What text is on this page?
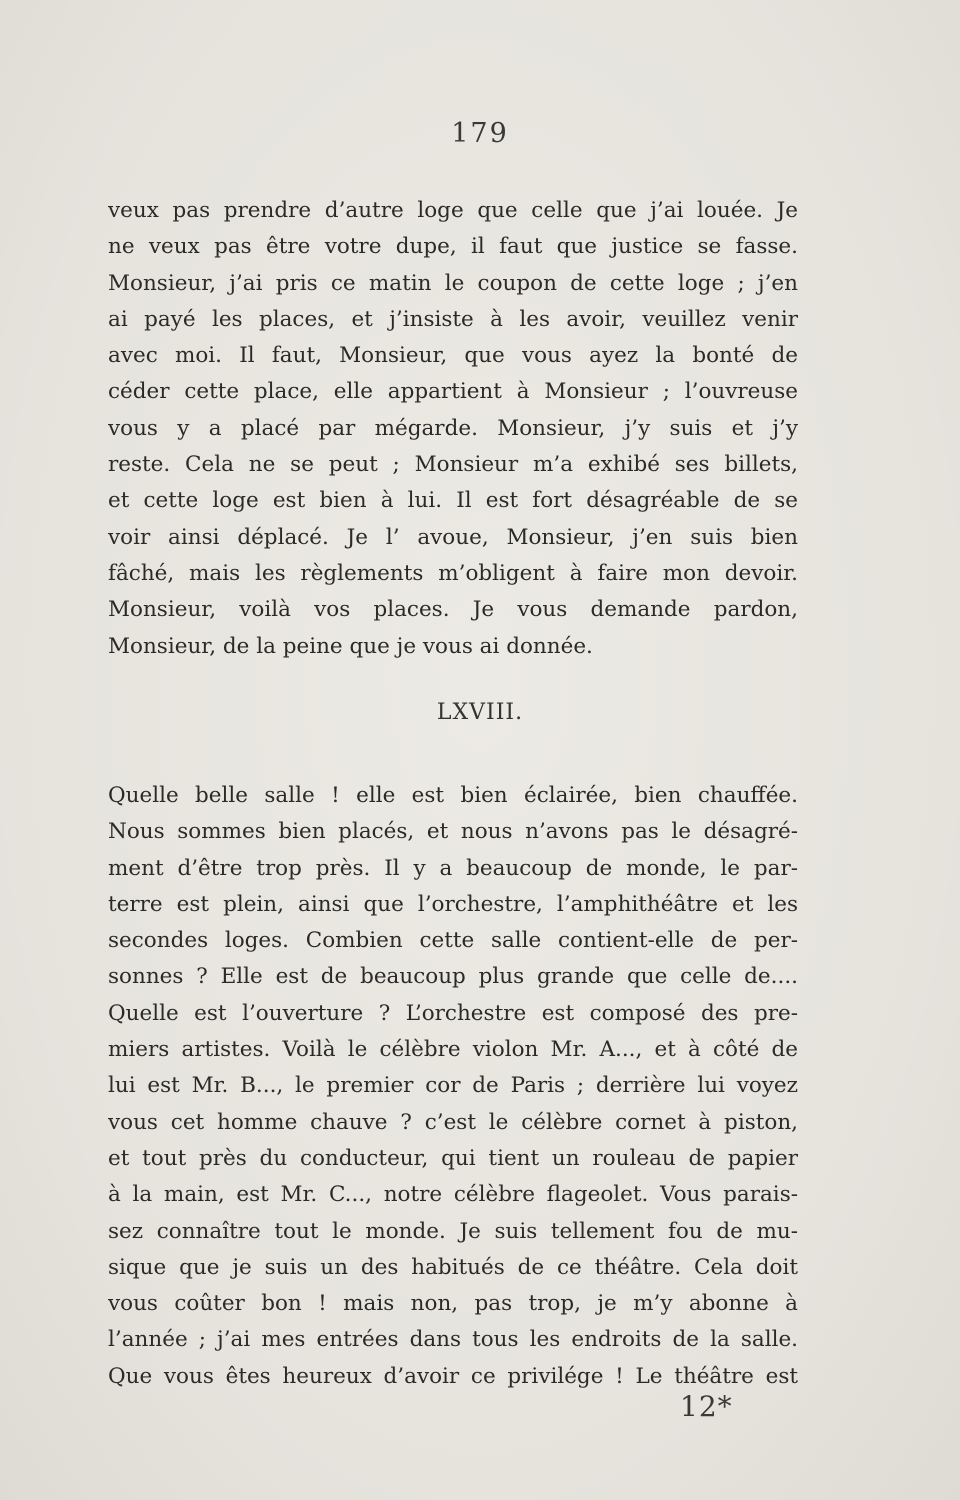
179
veux pas prendre d’autre loge que celle que j’ai louée. Je
ne veux pas être votre dupe, il faut que justice se fasse.
Monsieur, j’ai pris ce matin le coupon de cette loge ; j’en
ai payé les places, et j’insiste à les avoir, veuillez venir
avec moi. Il faut, Monsieur, que vous ayez la bonté de
céder cette place, elle appartient à Monsieur ; l’ouvreuse
vous y a placé par mégarde. Monsieur, j’y suis et j’y
reste. Cela ne se peut ; Monsieur m’a exhibé ses billets,
et cette loge est bien à lui. Il est fort désagréable de se
voir ainsi déplacé. Je l’ avoue, Monsieur, j’en suis bien
fâché, mais les règlements m’obligent à faire mon devoir.
Monsieur, voilà vos places. Je vous demande pardon,
Monsieur, de la peine que je vous ai donnée.
LXVIII.
Quelle belle salle ! elle est bien éclairée, bien chauffée.
Nous sommes bien placés, et nous n’avons pas le désagré-
ment d’être trop près. Il y a beaucoup de monde, le par-
terre est plein, ainsi que l’orchestre, l’amphithéâtre et les
secondes loges. Combien cette salle contient-elle de per-
sonnes ? Elle est de beaucoup plus grande que celle de....
Quelle est l’ouverture ? L’orchestre est composé des pre-
miers artistes. Voilà le célèbre violon Mr. A..., et à côté de
lui est Mr. B..., le premier cor de Paris ; derrière lui voyez
vous cet homme chauve ? c’est le célèbre cornet à piston,
et tout près du conducteur, qui tient un rouleau de papier
à la main, est Mr. C..., notre célèbre flageolet. Vous parais-
sez connaître tout le monde. Je suis tellement fou de mu-
sique que je suis un des habitués de ce théâtre. Cela doit
vous coûter bon ! mais non, pas trop, je m’y abonne à
l’année ; j’ai mes entrées dans tous les endroits de la salle.
Que vous êtes heureux d’avoir ce privilége ! Le théâtre est
12*
